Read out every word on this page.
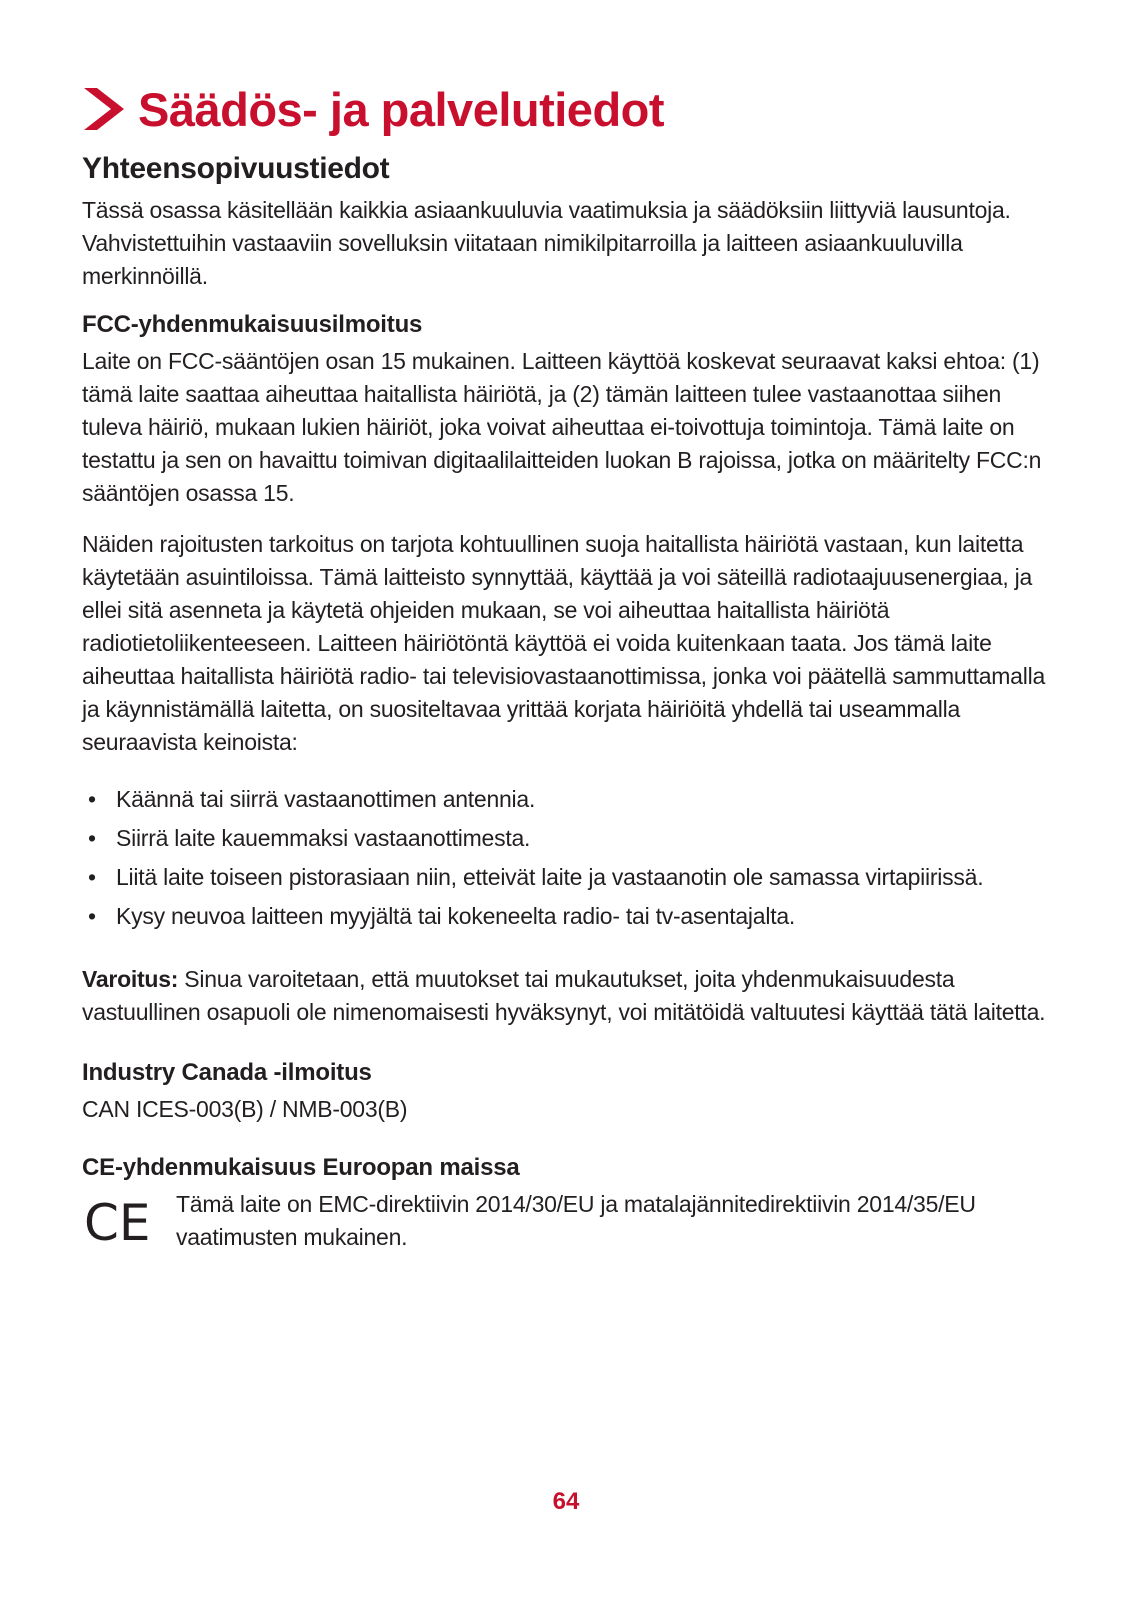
Säädös- ja palvelutiedot
Yhteensopivuustiedot

Tässä osassa käsitellään kaikkia asiaankuuluvia vaatimuksia ja säädöksiin liittyviä lausuntoja. Vahvistettuihin vastaaviin sovelluksin viitataan nimikilpitarroilla ja laitteen asiaankuuluvilla merkinnöillä.

FCC-yhdenmukaisuusilmoitus

Laite on FCC-sääntöjen osan 15 mukainen. Laitteen käyttöä koskevat seuraavat kaksi ehtoa: (1) tämä laite saattaa aiheuttaa haitallista häiriötä, ja (2) tämän laitteen tulee vastaanottaa siihen tuleva häiriö, mukaan lukien häiriöt, joka voivat aiheuttaa ei-toivottuja toimintoja. Tämä laite on testattu ja sen on havaittu toimivan digitaalilaitteiden luokan B rajoissa, jotka on määritelty FCC:n sääntöjen osassa 15.

Näiden rajoitusten tarkoitus on tarjota kohtuullinen suoja haitallista häiriötä vastaan, kun laitetta käytetään asuintiloissa. Tämä laitteisto synnyttää, käyttää ja voi säteillä radiotaajuusenergiaa, ja ellei sitä asenneta ja käytetä ohjeiden mukaan, se voi aiheuttaa haitallista häiriötä radiotietoliikenteeseen. Laitteen häiriötöntä käyttöä ei voida kuitenkaan taata. Jos tämä laite aiheuttaa haitallista häiriötä radio- tai televisiovastaanottimissa, jonka voi päätellä sammuttamalla ja käynnistämällä laitetta, on suositeltavaa yrittää korjata häiriöitä yhdellä tai useammalla seuraavista keinoista:

• Käännä tai siirrä vastaanottimen antennia.
• Siirrä laite kauemmaksi vastaanottimesta.
• Liitä laite toiseen pistorasiaan niin, etteivät laite ja vastaanotin ole samassa virtapiirissä.
• Kysy neuvoa laitteen myyjältä tai kokeneelta radio- tai tv-asentajalta.

Varoitus: Sinua varoitetaan, että muutokset tai mukautukset, joita yhdenmukaisuudesta vastuullinen osapuoli ole nimenomaisesti hyväksynyt, voi mitätöidä valtuutesi käyttää tätä laitetta.

Industry Canada -ilmoitus

CAN ICES-003(B) / NMB-003(B)

CE-yhdenmukaisuus Euroopan maissa
CE Tämä laite on EMC-direktiivin 2014/30/EU ja matalajännitedirektiivin 2014/35/EU vaatimusten mukainen.

64
